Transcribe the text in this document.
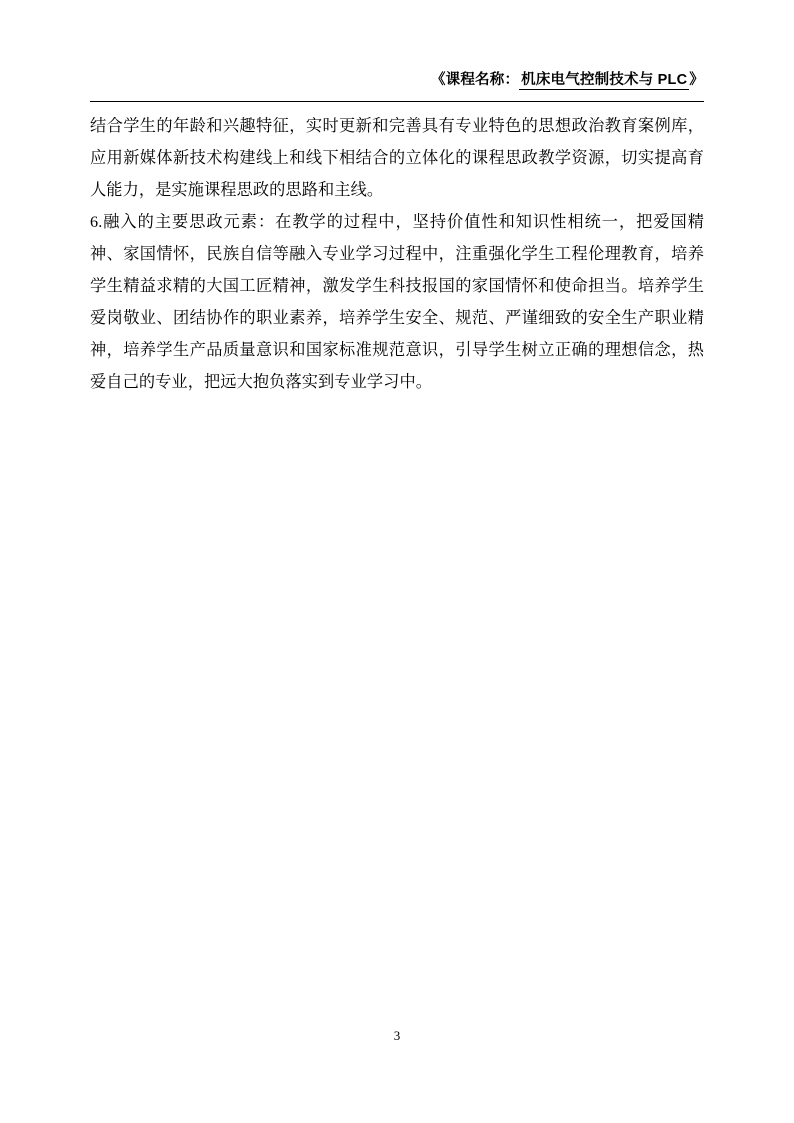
《课程名称： 机床电气控制技术与 PLC 》

结合学生的年龄和兴趣特征，实时更新和完善具有专业特色的思想政治教育案例库，应用新媒体新技术构建线上和线下相结合的立体化的课程思政教学资源，切实提高育人能力，是实施课程思政的思路和主线。

6.融入的主要思政元素：在教学的过程中，坚持价值性和知识性相统一，把爱国精神、家国情怀，民族自信等融入专业学习过程中，注重强化学生工程伦理教育，培养学生精益求精的大国工匠精神，激发学生科技报国的家国情怀和使命担当。培养学生爱岗敬业、团结协作的职业素养，培养学生安全、规范、严谨细致的安全生产职业精神，培养学生产品质量意识和国家标准规范意识，引导学生树立正确的理想信念，热爱自己的专业，把远大抱负落实到专业学习中。

3
